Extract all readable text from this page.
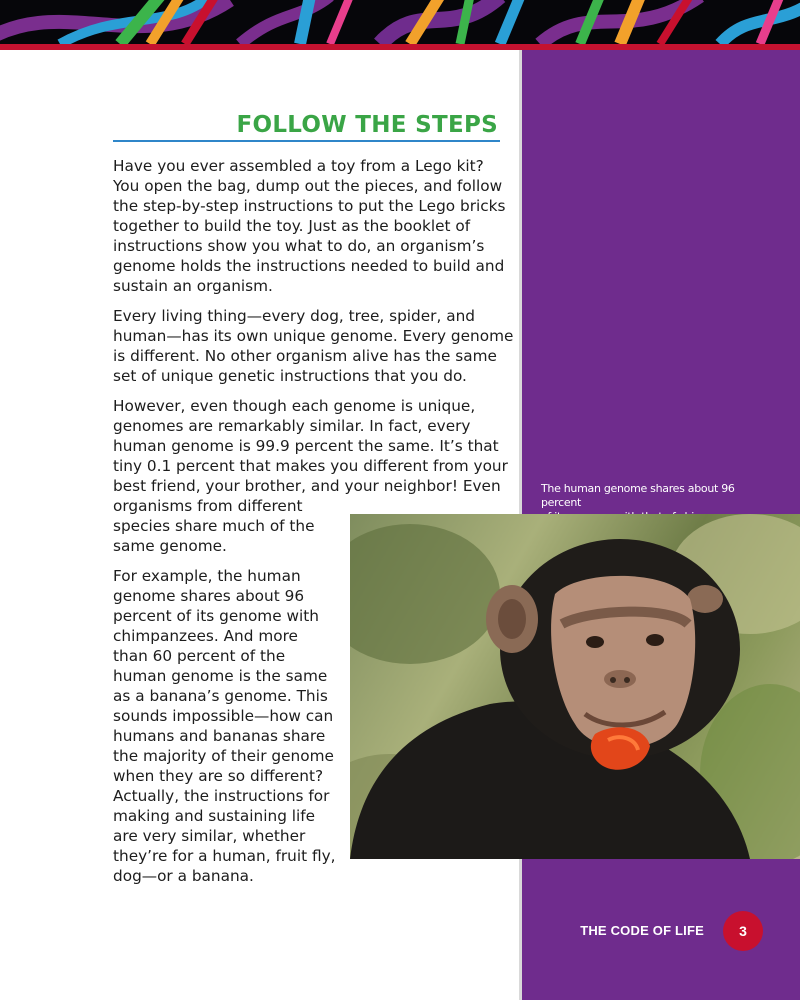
FOLLOW THE STEPS

Have you ever assembled a toy from a Lego kit?
You open the bag, dump out the pieces, and follow
the step-by-step instructions to put the Lego bricks
together to build the toy. Just as the booklet of
instructions show you what to do, an organism’s
genome holds the instructions needed to build and
sustain an organism.

Every living thing—every dog, tree, spider, and
human—has its own unique genome. Every genome
is different. No other organism alive has the same
set of unique genetic instructions that you do.

However, even though each genome is unique,
genomes are remarkably similar. In fact, every
human genome is 99.9 percent the same. It’s that
tiny 0.1 percent that makes you different from your
best friend, your brother, and your neighbor! Even
organisms from different
species share much of the
same genome.

For example, the human
genome shares about 96
percent of its genome with
chimpanzees. And more
than 60 percent of the
human genome is the same
as a banana’s genome. This
sounds impossible—how can
humans and bananas share
the majority of their genome
when they are so different?
Actually, the instructions for
making and sustaining life
are very similar, whether
they’re for a human, fruit fly,
dog—or a banana.

The human genome shares about 96 percent
THE CODE OF LIFE	3
